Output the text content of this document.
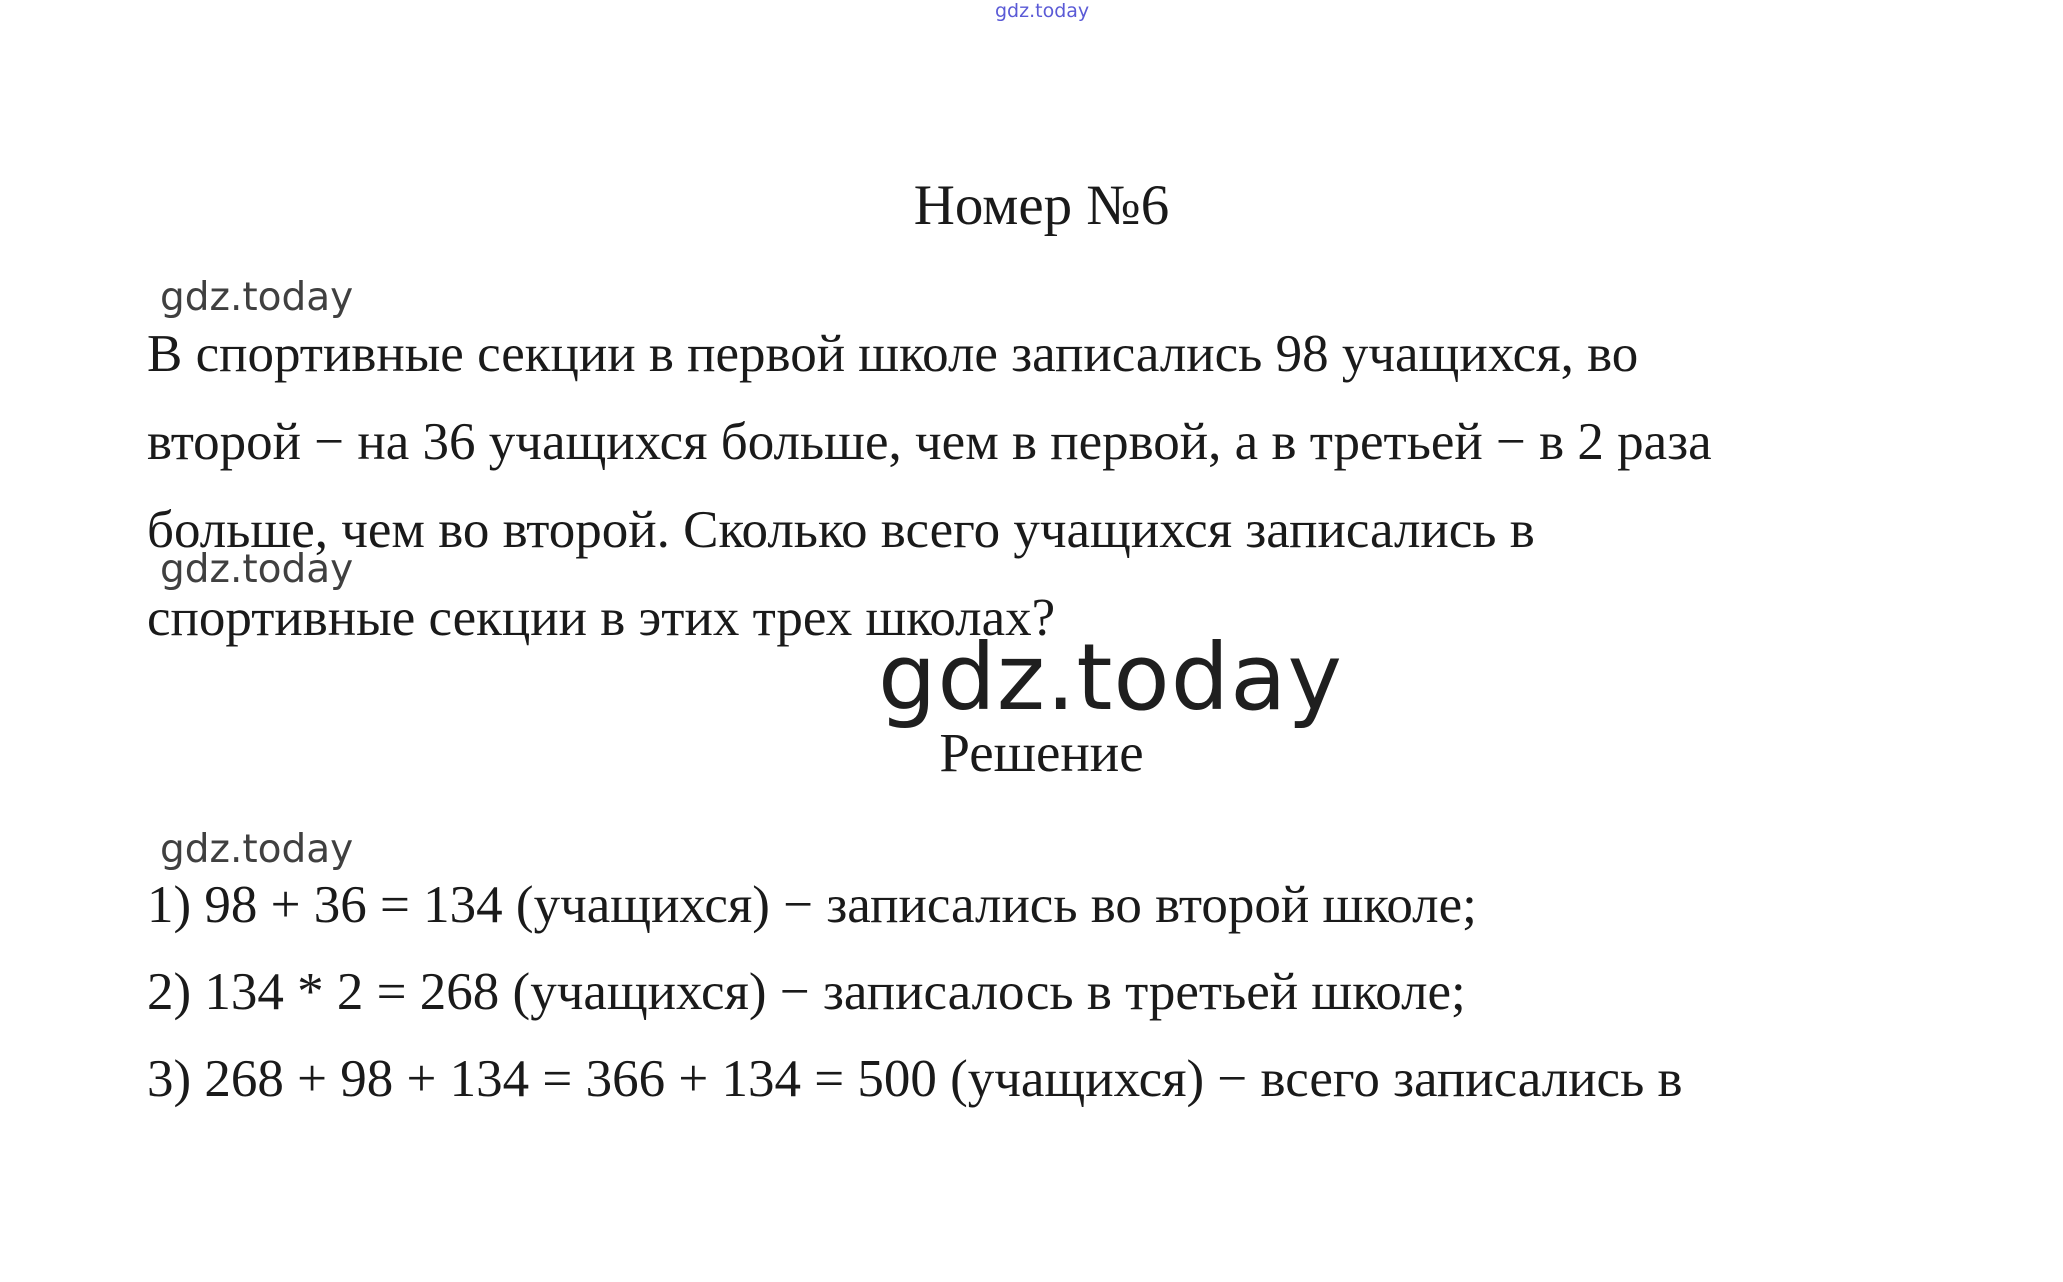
gdz.today
Номер №6
gdz.today
В спортивные секции в первой школе записались 98 учащихся, во
второй − на 36 учащихся больше, чем в первой, а в третьей − в 2 раза
больше, чем во второй. Сколько всего учащихся записались в
спортивные секции в этих трех школах?
gdz.today
gdz.today
Решение
gdz.today
1) 98 + 36 = 134 (учащихся) − записались во второй школе;
2) 134 * 2 = 268 (учащихся) − записалось в третьей школе;
3) 268 + 98 + 134 = 366 + 134 = 500 (учащихся) − всего записались в
